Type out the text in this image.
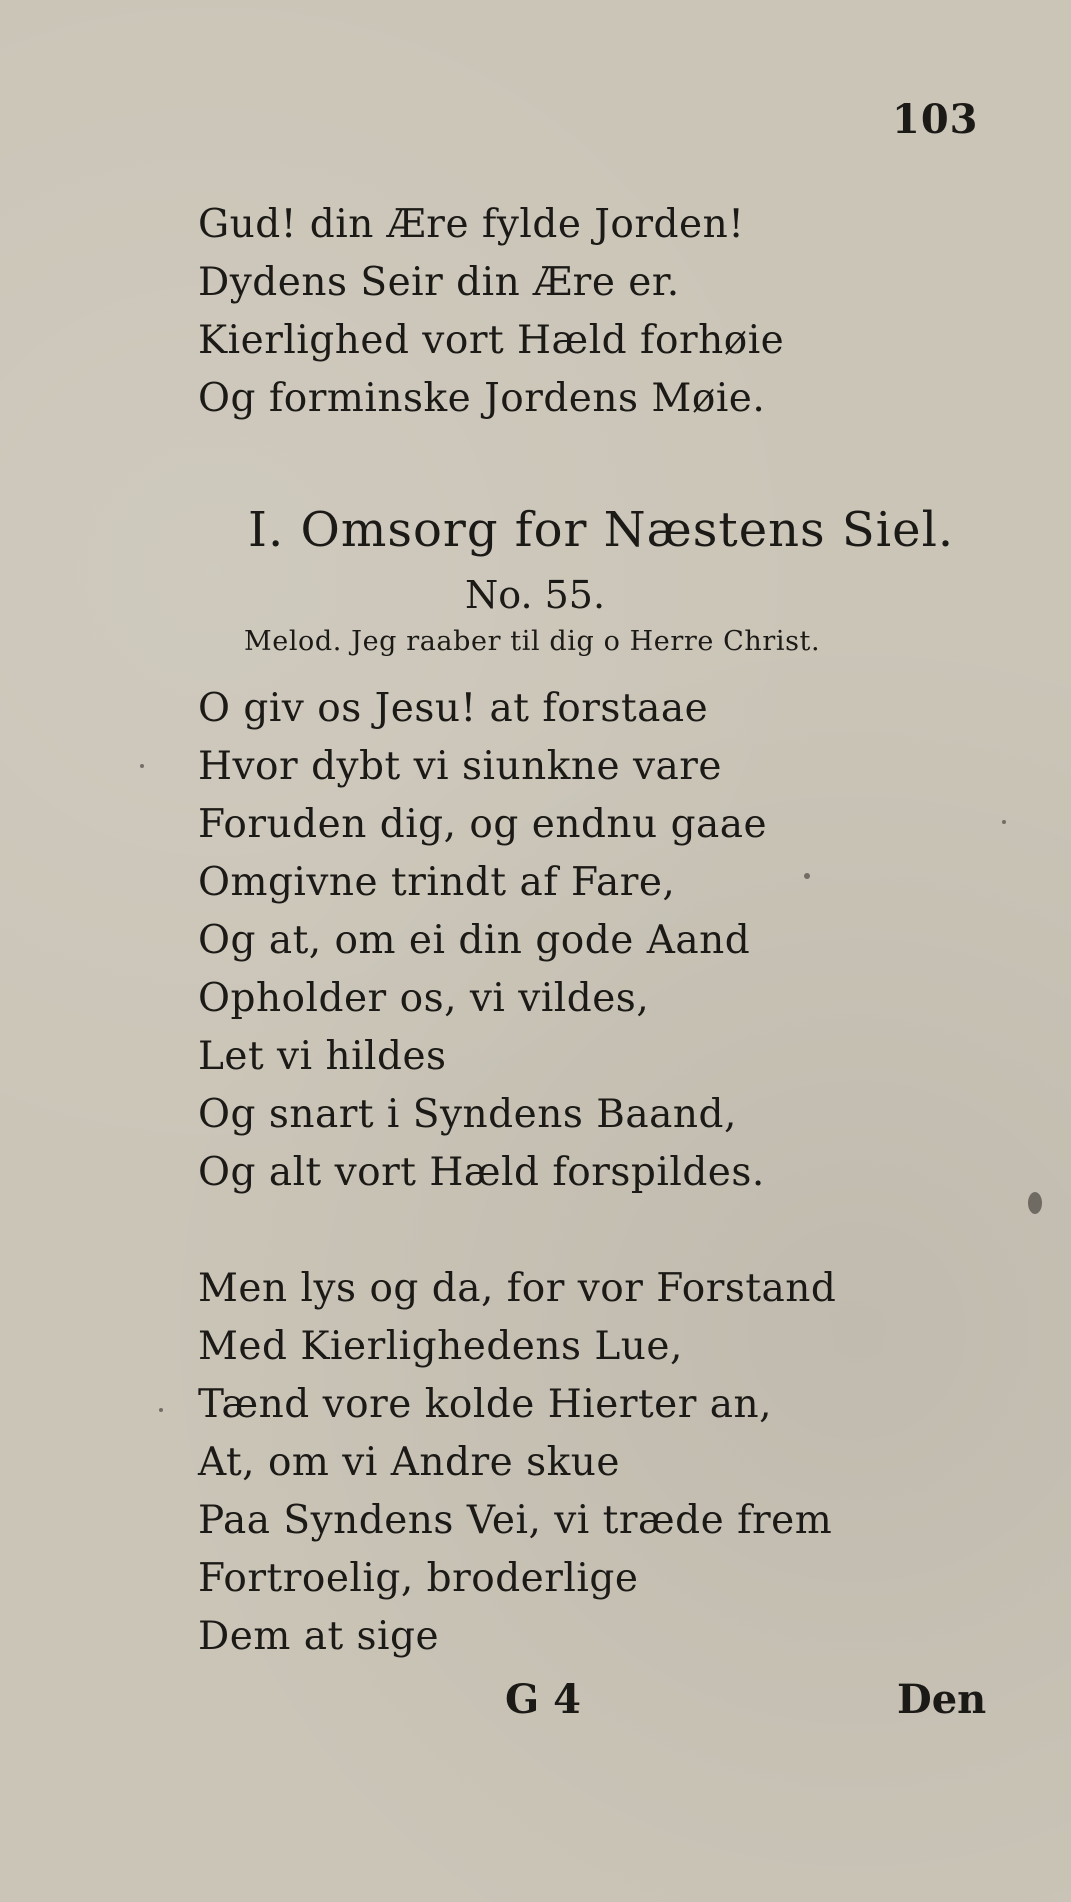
103
Gud! din Ære fylde Jorden!
Dydens Seir din Ære er.
Kierlighed vort Hæld forhøie
Og forminske Jordens Møie.
I. Omsorg for Næstens Siel.
No. 55.
Melod. Jeg raaber til dig o Herre Christ.
O giv os Jesu! at forstaae
Hvor dybt vi siunkne vare
Foruden dig, og endnu gaae
Omgivne trindt af Fare,
Og at, om ei din gode Aand
Opholder os, vi vildes,
Let vi hildes
Og snart i Syndens Baand,
Og alt vort Hæld forspildes.
Men lys og da, for vor Forstand
Med Kierlighedens Lue,
Tænd vore kolde Hierter an,
At, om vi Andre skue
Paa Syndens Vei, vi træde frem
Fortroelig, broderlige
Dem at sige
G 4	Den
